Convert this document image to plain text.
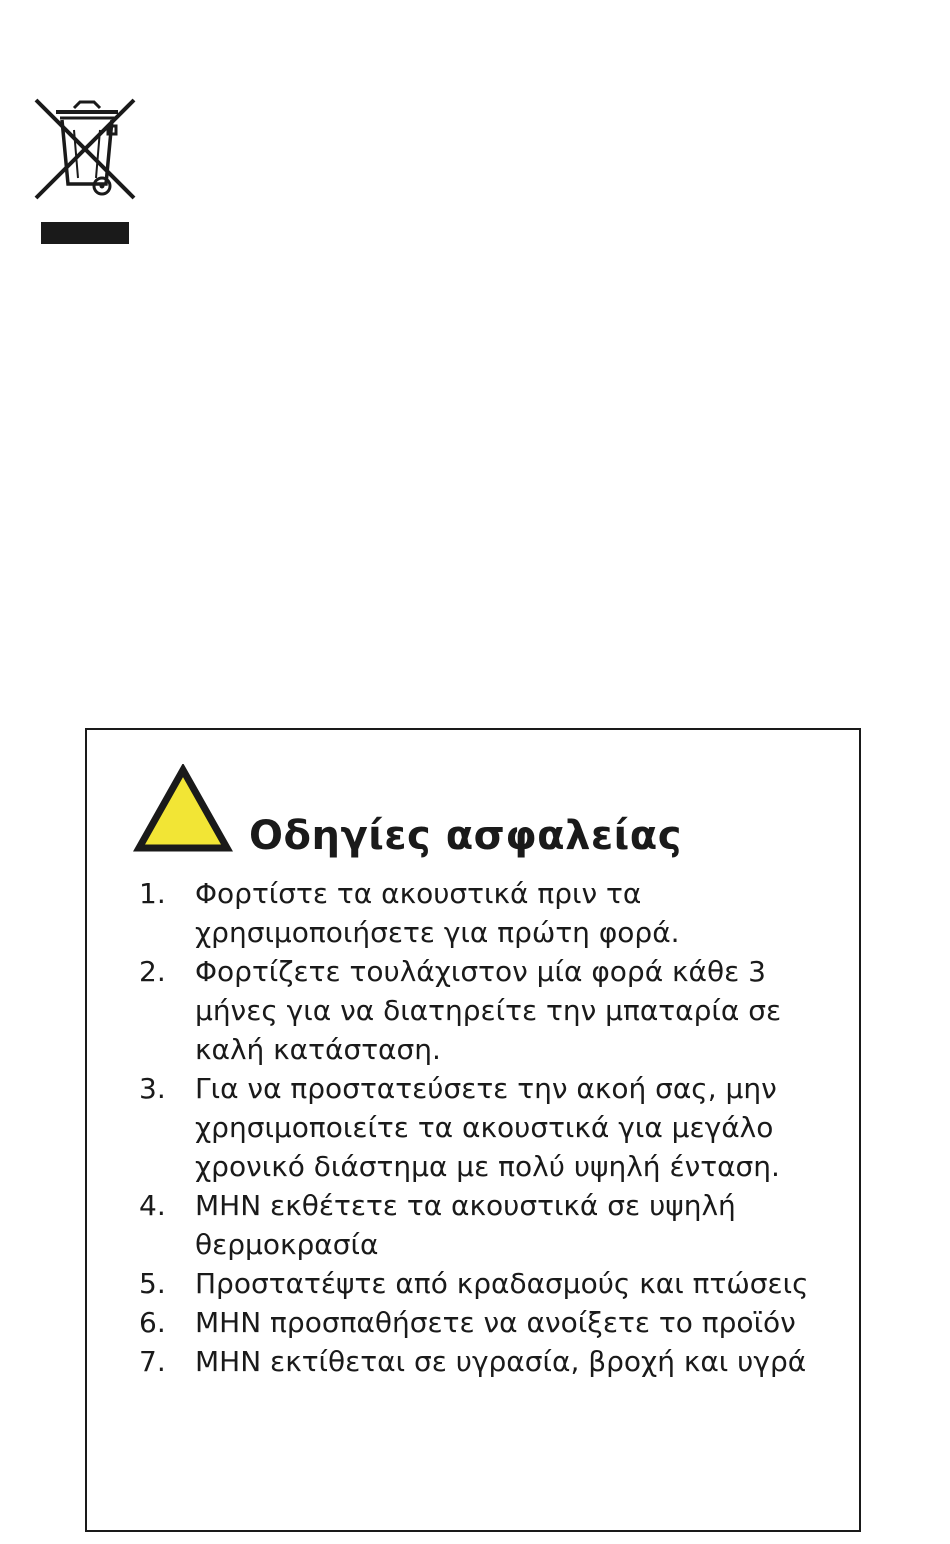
Οδηγίες ασφαλείας
1.	Φορτίστε τα ακουστικά πριν τα χρησιμοποιήσετε για πρώτη φορά.
2.	Φορτίζετε τουλάχιστον μία φορά κάθε 3 μήνες για να διατηρείτε την μπαταρία σε καλή κατάσταση.
3.	Για να προστατεύσετε την ακοή σας, μην χρησιμοποιείτε τα ακουστικά για μεγάλο χρονικό διάστημα με πολύ υψηλή ένταση.
4.	ΜΗΝ εκθέτετε τα ακουστικά σε υψηλή θερμοκρασία
5.	Προστατέψτε από κραδασμούς και πτώσεις
6.	ΜΗΝ προσπαθήσετε να ανοίξετε το προϊόν
7.	ΜΗΝ εκτίθεται σε υγρασία, βροχή και υγρά
